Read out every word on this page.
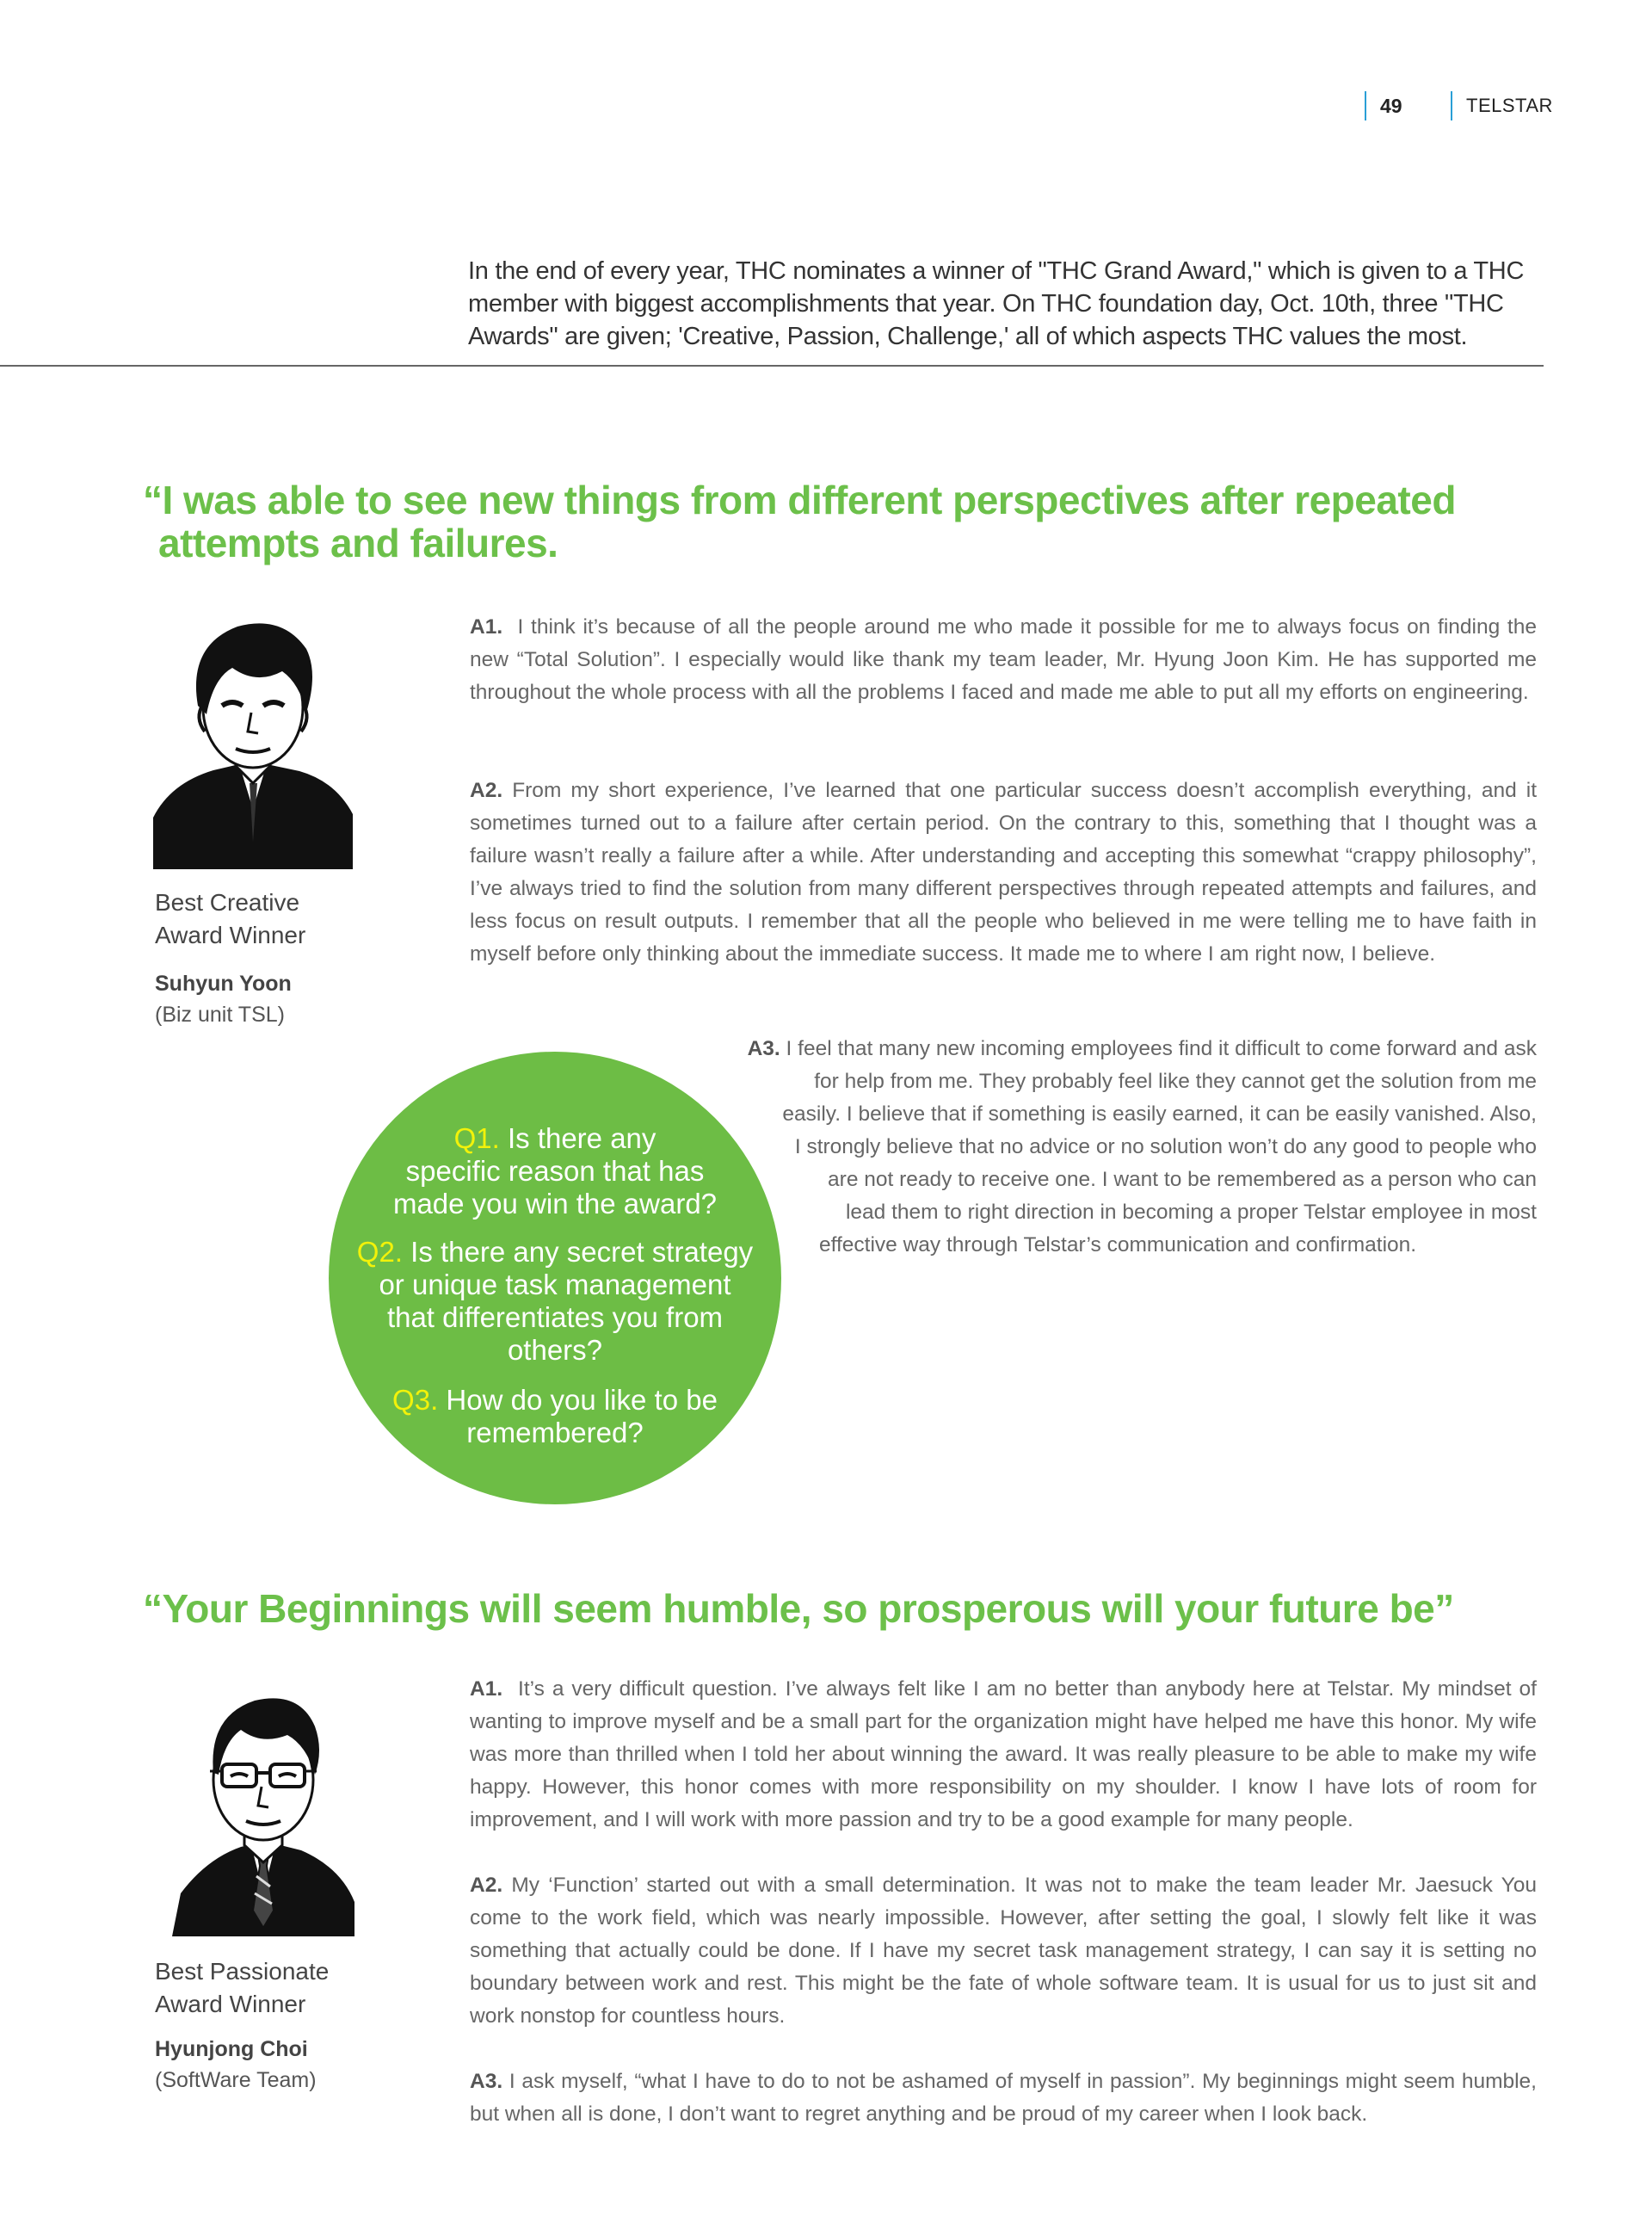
49	TELSTAR

In the end of every year, THC nominates a winner of "THC Grand Award," which is given to a THC member with biggest accomplishments that year. On THC foundation day, Oct. 10th, three "THC Awards" are given; 'Creative, Passion, Challenge,' all of which aspects THC values the most.

“I was able to see new things from different perspectives after repeated
attempts and failures.
Best Creative
Award Winner
Suhyun Yoon
(Biz unit TSL)

A1. I think it’s because of all the people around me who made it possible for me to always focus on finding the new “Total Solution”. I especially would like thank my team leader, Mr. Hyung Joon Kim. He has supported me throughout the whole process with all the problems I faced and made me able to put all my efforts on engineering.

A2. From my short experience, I’ve learned that one particular success doesn’t accomplish everything, and it sometimes turned out to a failure after certain period. On the contrary to this, something that I thought was a failure wasn’t really a failure after a while. After understanding and accepting this somewhat “crappy philosophy”, I’ve always tried to find the solution from many different perspectives through repeated attempts and failures, and less focus on result outputs. I remember that all the people who believed in me were telling me to have faith in myself before only thinking about the immediate success. It made me to where I am right now, I believe.

A3. I feel that many new incoming employees find it difficult to come forward and ask
for help from me. They probably feel like they cannot get the solution from me
easily. I believe that if something is easily earned, it can be easily vanished. Also,
I strongly believe that no advice or no solution won’t do any good to people who
are not ready to receive one. I want to be remembered as a person who can
lead them to right direction in becoming a proper Telstar employee in most
effective way through Telstar’s communication and confirmation.
Q1. Is there any
specific reason that has
made you win the award?
Q2. Is there any secret strategy
or unique task management
that differentiates you from
others?
Q3. How do you like to be
remembered?
“Your Beginnings will seem humble, so prosperous will your future be”
Best Passionate
Award Winner
Hyunjong Choi
(SoftWare Team)

A1. It’s a very difficult question. I’ve always felt like I am no better than anybody here at Telstar. My mindset of wanting to improve myself and be a small part for the organization might have helped me have this honor. My wife was more than thrilled when I told her about winning the award. It was really pleasure to be able to make my wife happy. However, this honor comes with more responsibility on my shoulder. I know I have lots of room for improvement, and I will work with more passion and try to be a good example for many people.

A2. My ‘Function’ started out with a small determination. It was not to make the team leader Mr. Jaesuck You come to the work field, which was nearly impossible. However, after setting the goal, I slowly felt like it was something that actually could be done. If I have my secret task management strategy, I can say it is setting no boundary between work and rest. This might be the fate of whole software team. It is usual for us to just sit and work nonstop for countless hours.

A3. I ask myself, “what I have to do to not be ashamed of myself in passion”. My beginnings might seem humble, but when all is done, I don’t want to regret anything and be proud of my career when I look back.
